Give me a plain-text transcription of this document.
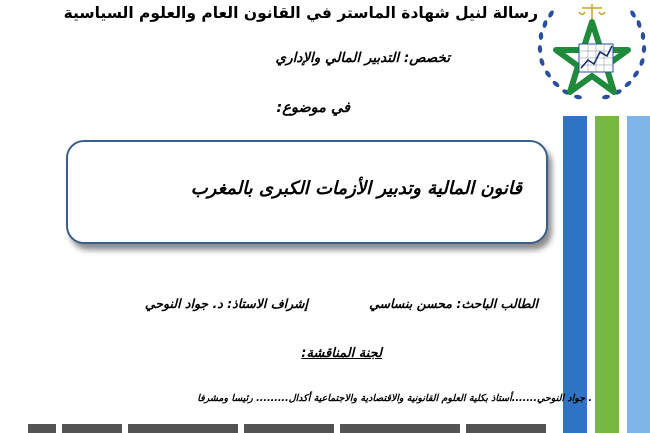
رسالة لنيل شهادة الماستر في القانون العام والعلوم السياسية
تخصص: التدبير المالي والإداري
في موضوع:
قانون المالية وتدبير الأزمات الكبرى بالمغرب
الطالب الباحث: محسن بنساسي
إشراف الاستاذ: د. جواد النوحي
لجنة المناقشة:
. جواد النوحي.......أستاذ بكلية العلوم القانونية والاقتصادية والاجتماعية أكدال......... رئيسا ومشرفا
